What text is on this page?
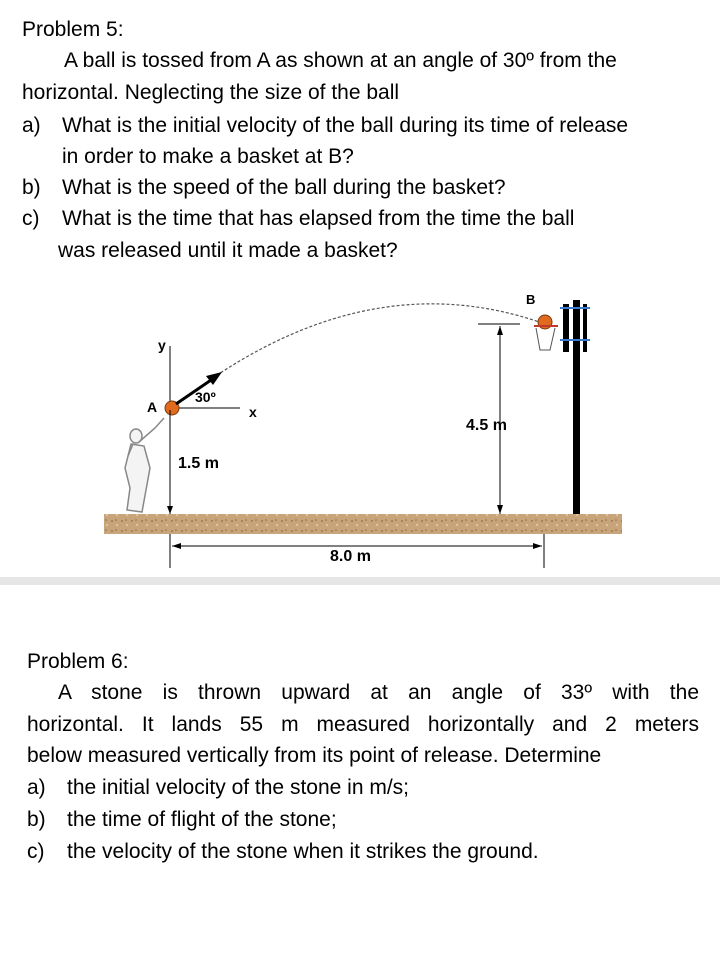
Problem 5:
A ball is tossed from A as shown at an angle of 30º from the
horizontal. Neglecting the size of the ball
a) What is the initial velocity of the ball during its time of release
in order to make a basket at B?
b) What is the speed of the ball during the basket?
c) What is the time that has elapsed from the time the ball
was released until it made a basket?
y
x
A
30º
1.5 m
4.5 m
B
8.0 m
Problem 6:
A stone is thrown upward at an angle of 33º with the
horizontal. It lands 55 m measured horizontally and 2 meters
below measured vertically from its point of release. Determine
a) the initial velocity of the stone in m/s;
b) the time of flight of the stone;
c) the velocity of the stone when it strikes the ground.
